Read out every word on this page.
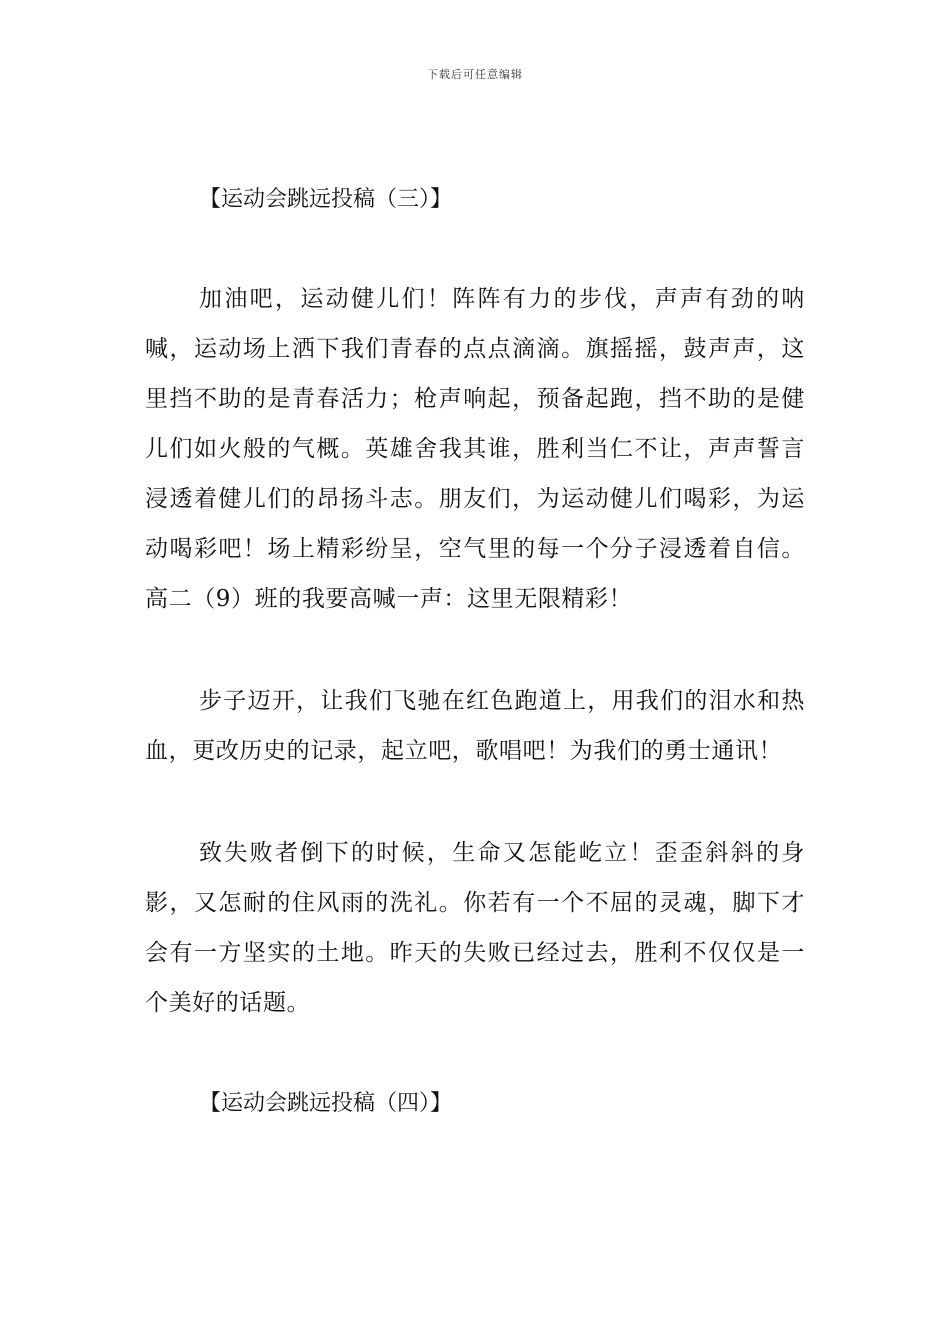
下载后可任意编辑
【运动会跳远投稿（三）】

加油吧，运动健儿们！阵阵有力的步伐，声声有劲的呐喊，运动场上洒下我们青春的点点滴滴。旗摇摇，鼓声声，这里挡不助的是青春活力；枪声响起，预备起跑，挡不助的是健儿们如火般的气概。英雄舍我其谁，胜利当仁不让，声声誓言浸透着健儿们的昂扬斗志。朋友们，为运动健儿们喝彩，为运动喝彩吧！场上精彩纷呈，空气里的每一个分子浸透着自信。高二（9）班的我要高喊一声：这里无限精彩！

步子迈开，让我们飞驰在红色跑道上，用我们的泪水和热血，更改历史的记录，起立吧，歌唱吧！为我们的勇士通讯！

致失败者倒下的时候，生命又怎能屹立！歪歪斜斜的身影，又怎耐的住风雨的洗礼。你若有一个不屈的灵魂，脚下才会有一方坚实的土地。昨天的失败已经过去，胜利不仅仅是一个美好的话题。

【运动会跳远投稿（四）】
